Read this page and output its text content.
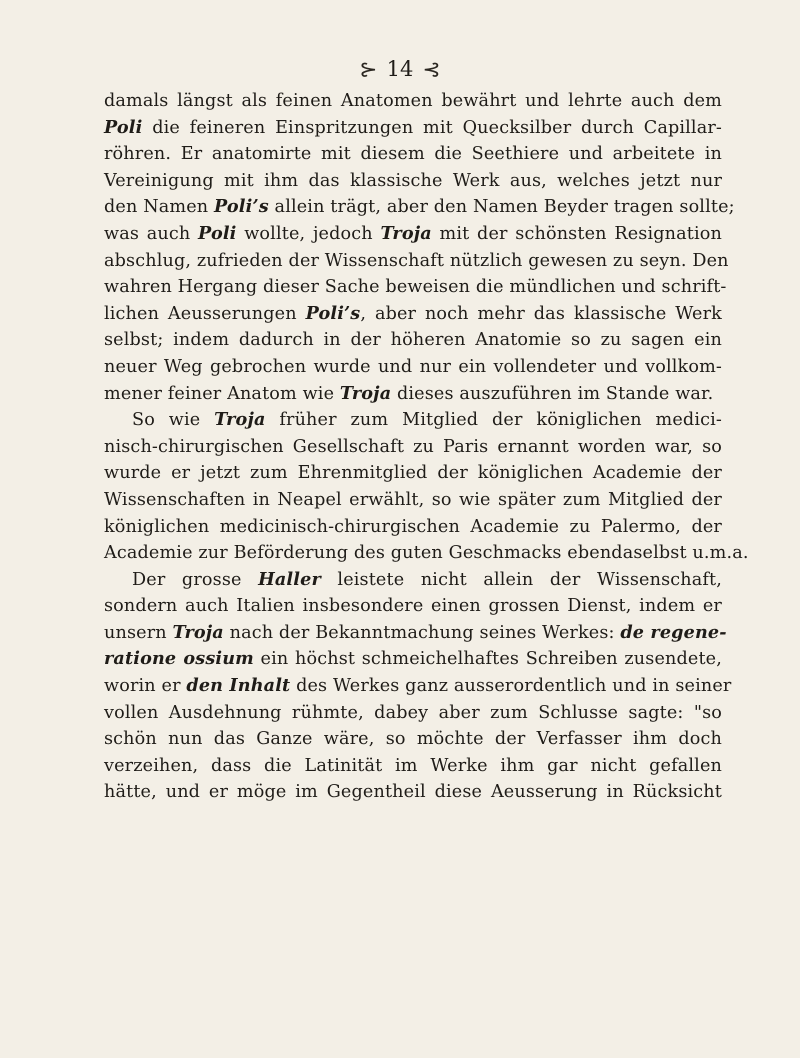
⊱ 14 ⊱
damals längst als feinen Anatomen bewährt und lehrte auch dem
Poli die feineren Einspritzungen mit Quecksilber durch Capillar-
röhren. Er anatomirte mit diesem die Seethiere und arbeitete in
Vereinigung mit ihm das klassische Werk aus, welches jetzt nur
den Namen Poli’s allein trägt, aber den Namen Beyder tragen sollte;
was auch Poli wollte, jedoch Troja mit der schönsten Resignation
abschlug, zufrieden der Wissenschaft nützlich gewesen zu seyn. Den
wahren Hergang dieser Sache beweisen die mündlichen und schrift-
lichen Aeusserungen Poli’s, aber noch mehr das klassische Werk
selbst; indem dadurch in der höheren Anatomie so zu sagen ein
neuer Weg gebrochen wurde und nur ein vollendeter und vollkom-
mener feiner Anatom wie Troja dieses auszuführen im Stande war.
So wie Troja früher zum Mitglied der königlichen medici-
nisch-chirurgischen Gesellschaft zu Paris ernannt worden war, so
wurde er jetzt zum Ehrenmitglied der königlichen Academie der
Wissenschaften in Neapel erwählt, so wie später zum Mitglied der
königlichen medicinisch-chirurgischen Academie zu Palermo, der
Academie zur Beförderung des guten Geschmacks ebendaselbst u.m.a.
Der grosse Haller leistete nicht allein der Wissenschaft,
sondern auch Italien insbesondere einen grossen Dienst, indem er
unsern Troja nach der Bekanntmachung seines Werkes: de regene-
ratione ossium ein höchst schmeichelhaftes Schreiben zusendete,
worin er den Inhalt des Werkes ganz ausserordentlich und in seiner
vollen Ausdehnung rühmte, dabey aber zum Schlusse sagte: "so
schön nun das Ganze wäre, so möchte der Verfasser ihm doch
verzeihen, dass die Latinität im Werke ihm gar nicht gefallen
hätte, und er möge im Gegentheil diese Aeusserung in Rücksicht
